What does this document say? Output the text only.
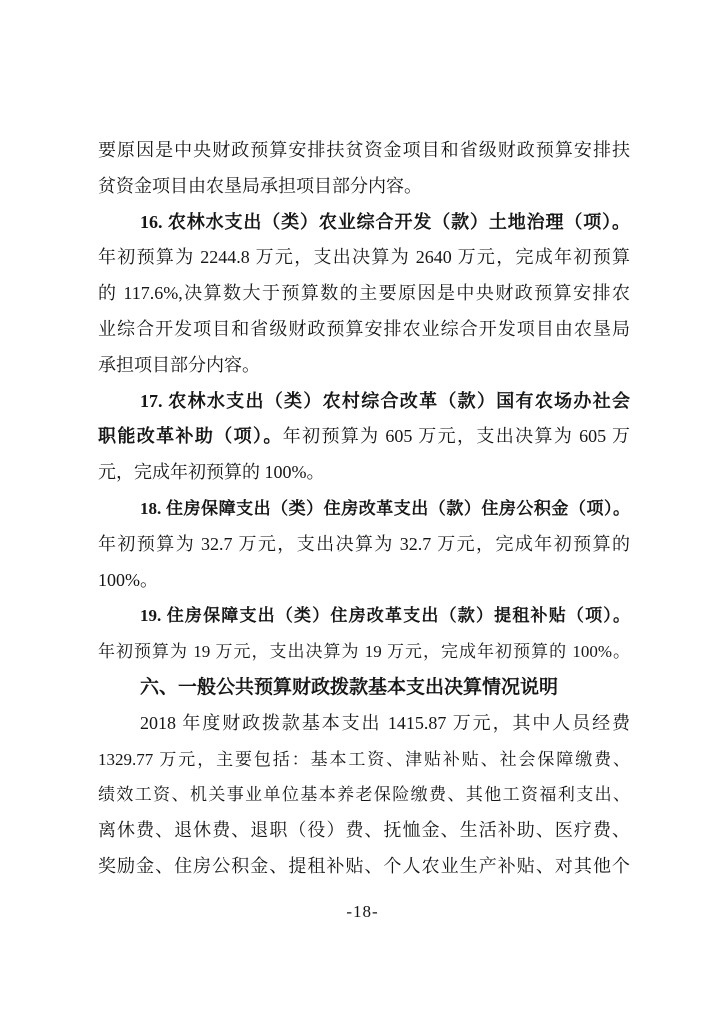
要原因是中央财政预算安排扶贫资金项目和省级财政预算安排扶
贫资金项目由农垦局承担项目部分内容。
16. 农林水支出（类）农业综合开发（款）土地治理（项）。
年初预算为 2244.8 万元，支出决算为 2640 万元，完成年初预算
的 117.6%,决算数大于预算数的主要原因是中央财政预算安排农
业综合开发项目和省级财政预算安排农业综合开发项目由农垦局
承担项目部分内容。
17. 农林水支出（类）农村综合改革（款）国有农场办社会
职能改革补助（项）。年初预算为 605 万元，支出决算为 605 万
元，完成年初预算的 100%。
18. 住房保障支出（类）住房改革支出（款）住房公积金（项）。
年初预算为 32.7 万元，支出决算为 32.7 万元，完成年初预算的
100%。
19. 住房保障支出（类）住房改革支出（款）提租补贴（项）。
年初预算为 19 万元，支出决算为 19 万元，完成年初预算的 100%。
六、一般公共预算财政拨款基本支出决算情况说明
2018 年度财政拨款基本支出 1415.87 万元，其中人员经费
1329.77 万元，主要包括：基本工资、津贴补贴、社会保障缴费、
绩效工资、机关事业单位基本养老保险缴费、其他工资福利支出、
离休费、退休费、退职（役）费、抚恤金、生活补助、医疗费、
奖励金、住房公积金、提租补贴、个人农业生产补贴、对其他个
-18-
